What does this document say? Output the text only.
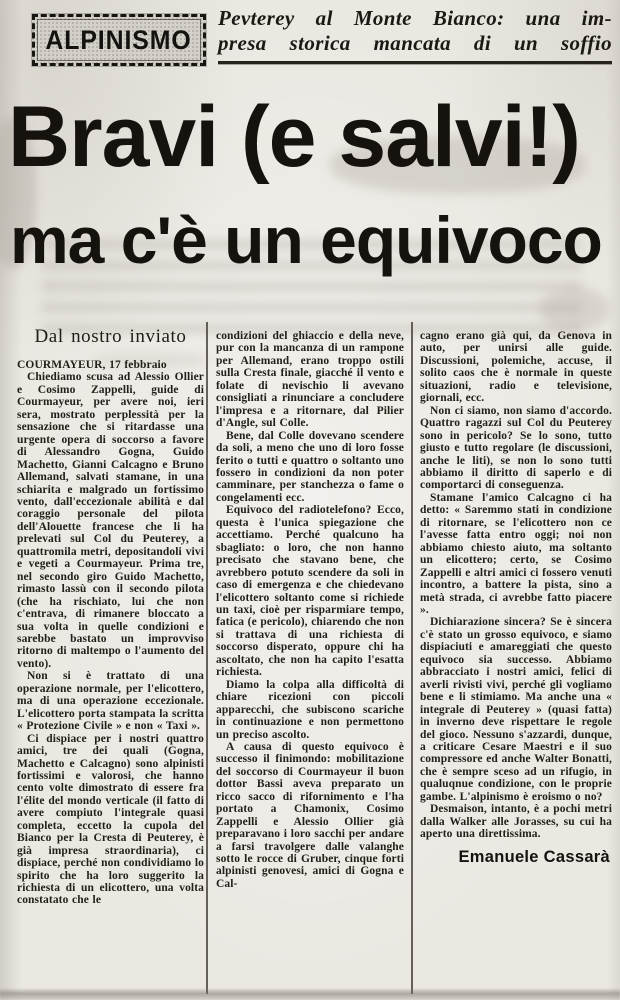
ALPINISMO
Pevterey al Monte Bianco: una im-
presa storica mancata di un soffio
Bravi (e salvi!)
ma c'è un equivoco
Dal nostro inviato

COURMAYEUR, 17 febbraio

Chiediamo scusa ad Alessio Ollier e Cosimo Zappelli, guide di Courmayeur, per avere noi, ieri sera, mostrato perplessità per la sensazione che si ritardasse una urgente opera di soccorso a favore di Alessandro Gogna, Guido Machetto, Gianni Calcagno e Bruno Allemand, salvati stamane, in una schiarita e malgrado un fortissimo vento, dall'eccezionale abilità e dal coraggio personale del pilota dell'Alouette francese che li ha prelevati sul Col du Peuterey, a quattromila metri, depositandoli vivi e vegeti a Courmayeur. Prima tre, nel secondo giro Guido Machetto, rimasto lassù con il secondo pilota (che ha rischiato, lui che non c'entrava, di rimanere bloccato a sua volta in quelle condizioni e sarebbe bastato un improvviso ritorno di maltempo o l'aumento del vento).

Non si è trattato di una operazione normale, per l'elicottero, ma di una operazione eccezionale. L'elicottero porta stampata la scritta « Protezione Civile » e non « Taxi ».

Ci dispiace per i nostri quattro amici, tre dei quali (Gogna, Machetto e Calcagno) sono alpinisti fortissimi e valorosi, che hanno cento volte dimostrato di essere fra l'élite del mondo verticale (il fatto di avere compiuto l'integrale quasi completa, eccetto la cupola del Bianco per la Cresta di Peuterey, è già impresa straordinaria), ci dispiace, perché non condividiamo lo spirito che ha loro suggerito la richiesta di un elicottero, una volta constatato che le

condizioni del ghiaccio e della neve, pur con la mancanza di un rampone per Allemand, erano troppo ostili sulla Cresta finale, giacché il vento e folate di nevischio li avevano consigliati a rinunciare a concludere l'impresa e a ritornare, dal Pilier d'Angle, sul Colle.

Bene, dal Colle dovevano scendere da soli, a meno che uno di loro fosse ferito o tutti e quattro o soltanto uno fossero in condizioni da non poter camminare, per stanchezza o fame o congelamenti ecc.

Equivoco del radiotelefono? Ecco, questa è l'unica spiegazione che accettiamo. Perché qualcuno ha sbagliato: o loro, che non hanno precisato che stavano bene, che avrebbero potuto scendere da soli in caso di emergenza e che chiedevano l'elicottero soltanto come si richiede un taxi, cioè per risparmiare tempo, fatica (e pericolo), chiarendo che non si trattava di una richiesta di soccorso disperato, oppure chi ha ascoltato, che non ha capito l'esatta richiesta.

Diamo la colpa alla difficoltà di chiare ricezioni con piccoli apparecchi, che subiscono scariche in continuazione e non permettono un preciso ascolto.

A causa di questo equivoco è successo il finimondo: mobilitazione del soccorso di Courmayeur il buon dottor Bassi aveva preparato un ricco sacco di rifornimento e l'ha portato a Chamonix, Cosimo Zappelli e Alessio Ollier già preparavano i loro sacchi per andare a farsi travolgere dalle valanghe sotto le rocce di Gruber, cinque forti alpinisti genovesi, amici di Gogna e Cal-

cagno erano già qui, da Genova in auto, per unirsi alle guide. Discussioni, polemiche, accuse, il solito caos che è normale in queste situazioni, radio e televisione, giornali, ecc.

Non ci siamo, non siamo d'accordo. Quattro ragazzi sul Col du Peuterey sono in pericolo? Se lo sono, tutto giusto e tutto regolare (le discussioni, anche le liti), se non lo sono tutti abbiamo il diritto di saperlo e di comportarci di conseguenza.

Stamane l'amico Calcagno ci ha detto: « Saremmo stati in condizione di ritornare, se l'elicottero non ce l'avesse fatta entro oggi; noi non abbiamo chiesto aiuto, ma soltanto un elicottero; certo, se Cosimo Zappelli e altri amici ci fossero venuti incontro, a battere la pista, sino a metà strada, ci avrebbe fatto piacere ».

Dichiarazione sincera? Se è sincera c'è stato un grosso equivoco, e siamo dispiaciuti e amareggiati che questo equivoco sia successo. Abbiamo abbracciato i nostri amici, felici di averli rivisti vivi, perché gli vogliamo bene e li stimiamo. Ma anche una « integrale di Peuterey » (quasi fatta) in inverno deve rispettare le regole del gioco. Nessuno s'azzardi, dunque, a criticare Cesare Maestri e il suo compressore ed anche Walter Bonatti, che è sempre sceso ad un rifugio, in qualuqnue condizione, con le proprie gambe. L'alpinismo è eroismo o no?

Desmaison, intanto, è a pochi metri dalla Walker alle Jorasses, su cui ha aperto una direttissima.

Emanuele Cassarà
